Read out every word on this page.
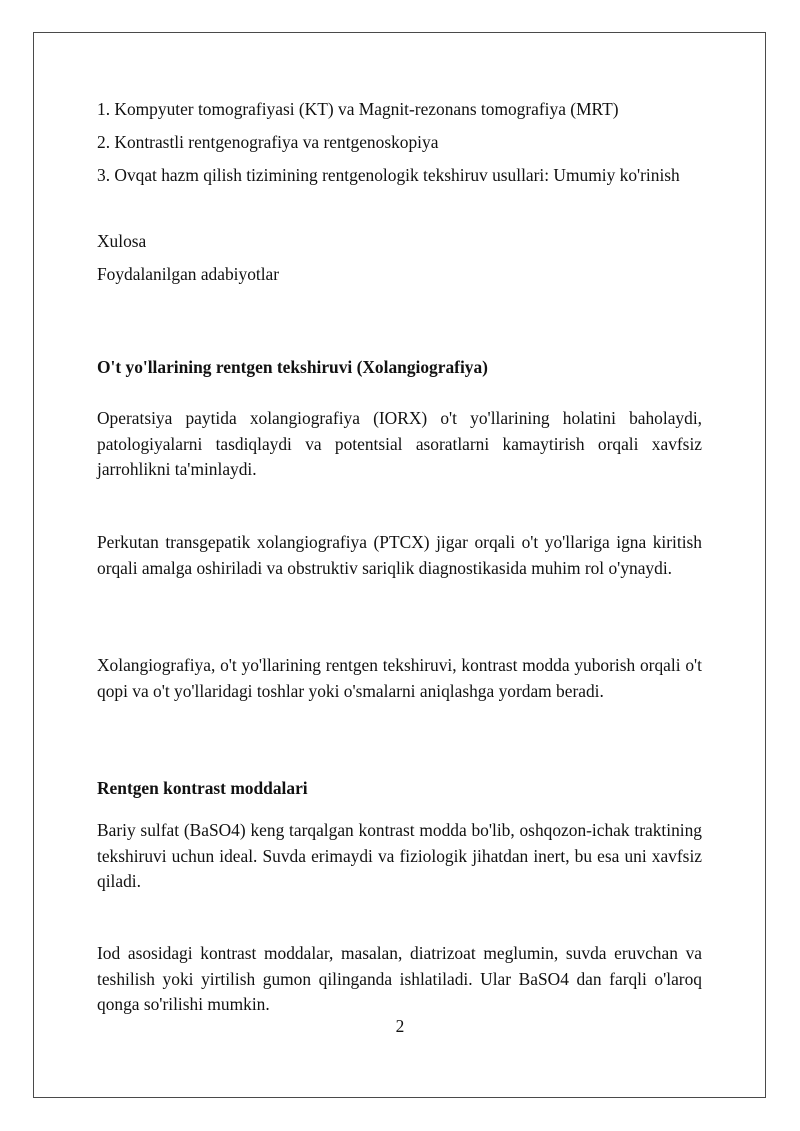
1. Kompyuter tomografiyasi (KT) va Magnit-rezonans tomografiya (MRT)

2. Kontrastli rentgenografiya va rentgenoskopiya

3. Ovqat hazm qilish tizimining rentgenologik tekshiruv usullari: Umumiy ko'rinish

Xulosa

Foydalanilgan adabiyotlar

O't yo'llarining rentgen tekshiruvi (Xolangiografiya)

Operatsiya paytida xolangiografiya (IORX) o't yo'llarining holatini baholaydi, patologiyalarni tasdiqlaydi va potentsial asoratlarni kamaytirish orqali xavfsiz jarrohlikni ta'minlaydi.

Perkutan transgepatik xolangiografiya (PTCX) jigar orqali o't yo'llariga igna kiritish orqali amalga oshiriladi va obstruktiv sariqlik diagnostikasida muhim rol o'ynaydi.

Xolangiografiya, o't yo'llarining rentgen tekshiruvi, kontrast modda yuborish orqali o't qopi va o't yo'llaridagi toshlar yoki o'smalarni aniqlashga yordam beradi.

Rentgen kontrast moddalari

Bariy sulfat (BaSO4) keng tarqalgan kontrast modda bo'lib, oshqozon-ichak traktining tekshiruvi uchun ideal. Suvda erimaydi va fiziologik jihatdan inert, bu esa uni xavfsiz qiladi.

Iod asosidagi kontrast moddalar, masalan, diatrizoat meglumin, suvda eruvchan va teshilish yoki yirtilish gumon qilinganda ishlatiladi. Ular BaSO4 dan farqli o'laroq qonga so'rilishi mumkin.

2
